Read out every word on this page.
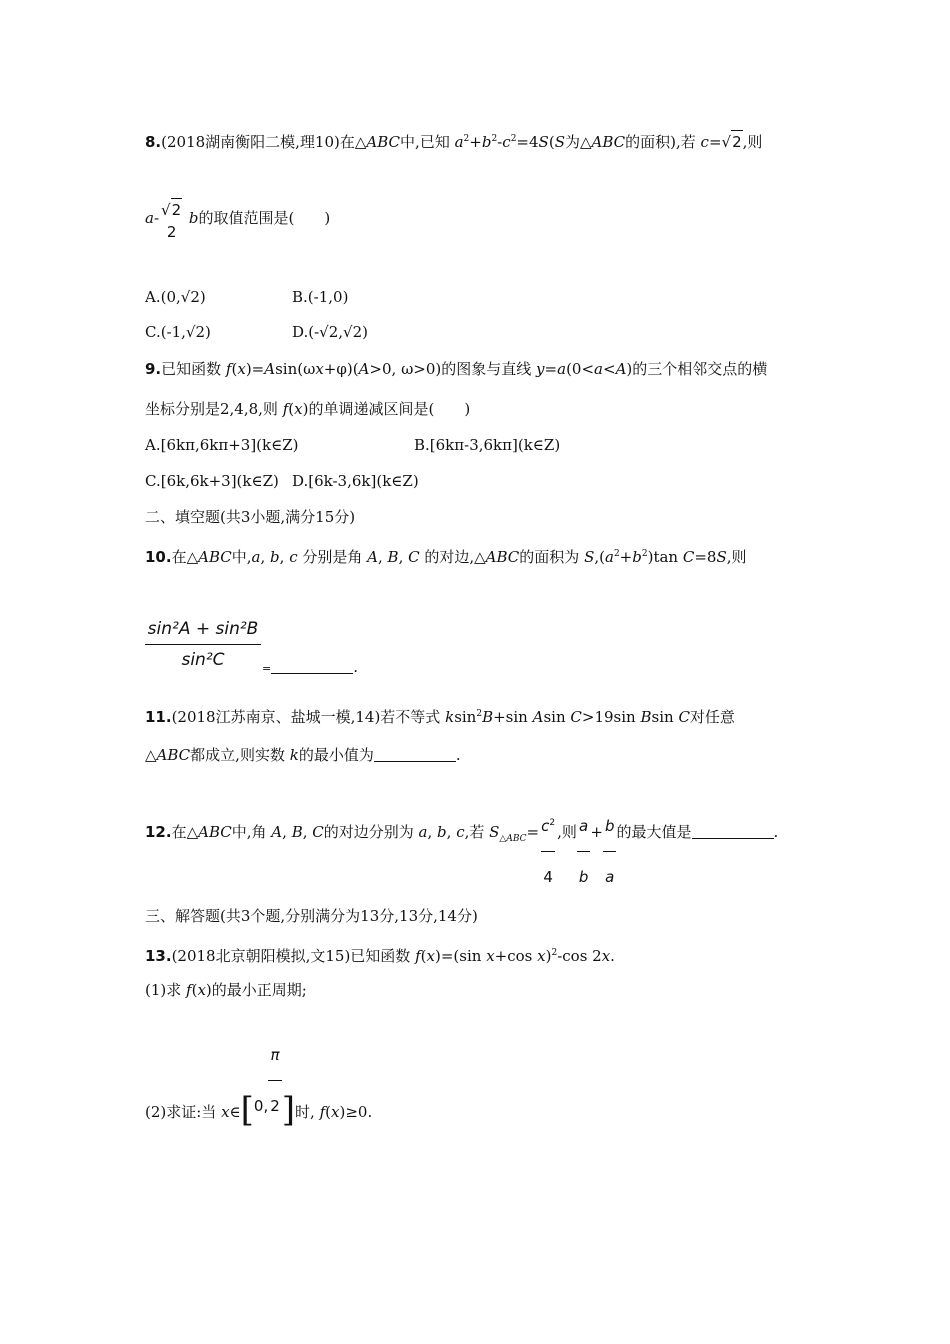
8.(2018湖南衡阳二模,理10)在△ABC中,已知 $a^2+b^2-c^2=4S(S$为△ABC的面积),若 c=√2,则
a- √2
2
b的取值范围是(　　)
A.(0,√2)	B.(-1,0)
C.(-1,√2)	D.(-√2,√2)
9.已知函数 f(x)=Asin(ωx+φ)(A>0, ω>0)的图象与直线 y=a(0<a<A)的三个相邻交点的横
坐标分别是2,4,8,则 f(x)的单调递减区间是(　　)
A.[6kπ,6kπ+3](k∈Z)	B.[6kπ-3,6kπ](k∈Z)
C.[6k,6k+3](k∈Z) D.[6k-3,6k](k∈Z)
二、填空题(共3小题,满分15分)
10.在△ABC中,a, b, c 分别是角 A, B, C 的对边,△ABC的面积为 $S,(a^2+b^2)\tan$ C=8S,则
sin²A + sin²B
sin²C	=	.
11.(2018江苏南京、盐城一模,14)若不等式 ksin$^2$B+sin Asin C>19sin Bsin C对任意
△ABC都成立,则实数 k的最小值为	.
12.在△ABC中,角 A, B, C的对边分别为 a, b, c,若 $S_{\triangle ABC}= \frac{c^2}{4}$ ,则 $\frac{a}{b} + \frac{b}{a}$ 的最大值是	.
三、解答题(共3个题,分别满分为13分,13分,14分)
13.(2018北京朝阳模拟,文15)已知函数 f(x)=(sin x+cos x)$^2$-cos 2x.
(1)求 f(x)的最小正周期;
(2)求证:当 x∈[0, $\frac{\pi}{2}$ ]时, f(x)≥0.
